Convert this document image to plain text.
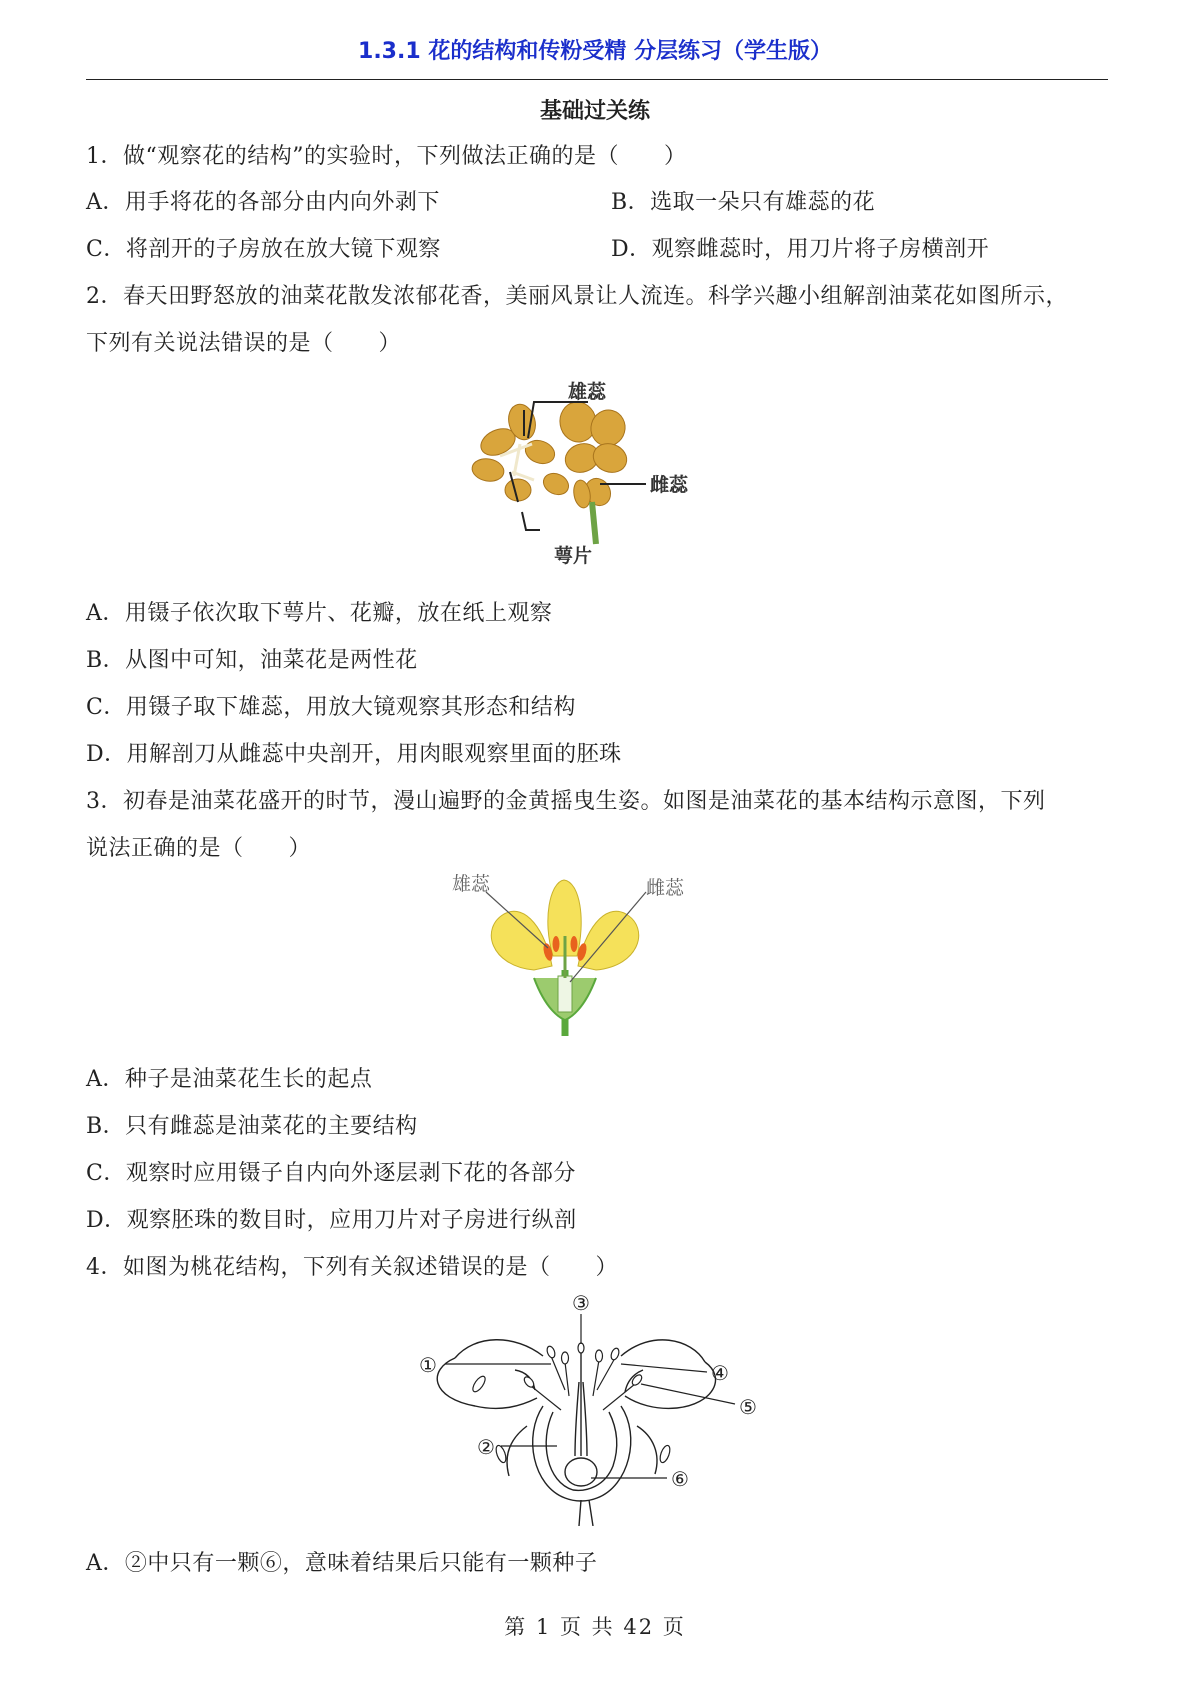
1.3.1 花的结构和传粉受精 分层练习（学生版）
基础过关练
1．做“观察花的结构”的实验时，下列做法正确的是（　　）
A．用手将花的各部分由内向外剥下	B．选取一朵只有雄蕊的花
C．将剖开的子房放在放大镜下观察	D．观察雌蕊时，用刀片将子房横剖开
2．春天田野怒放的油菜花散发浓郁花香，美丽风景让人流连。科学兴趣小组解剖油菜花如图所示，
下列有关说法错误的是（　　）
雄蕊
雌蕊
萼片
A．用镊子依次取下萼片、花瓣，放在纸上观察
B．从图中可知，油菜花是两性花
C．用镊子取下雄蕊，用放大镜观察其形态和结构
D．用解剖刀从雌蕊中央剖开，用肉眼观察里面的胚珠
3．初春是油菜花盛开的时节，漫山遍野的金黄摇曳生姿。如图是油菜花的基本结构示意图，下列
说法正确的是（　　）
雄蕊	雌蕊
A．种子是油菜花生长的起点
B．只有雌蕊是油菜花的主要结构
C．观察时应用镊子自内向外逐层剥下花的各部分
D．观察胚珠的数目时，应用刀片对子房进行纵剖
4．如图为桃花结构，下列有关叙述错误的是（　　）
③
①	④
⑤
②
⑥
A．②中只有一颗⑥，意味着结果后只能有一颗种子
第 1 页 共 42 页
